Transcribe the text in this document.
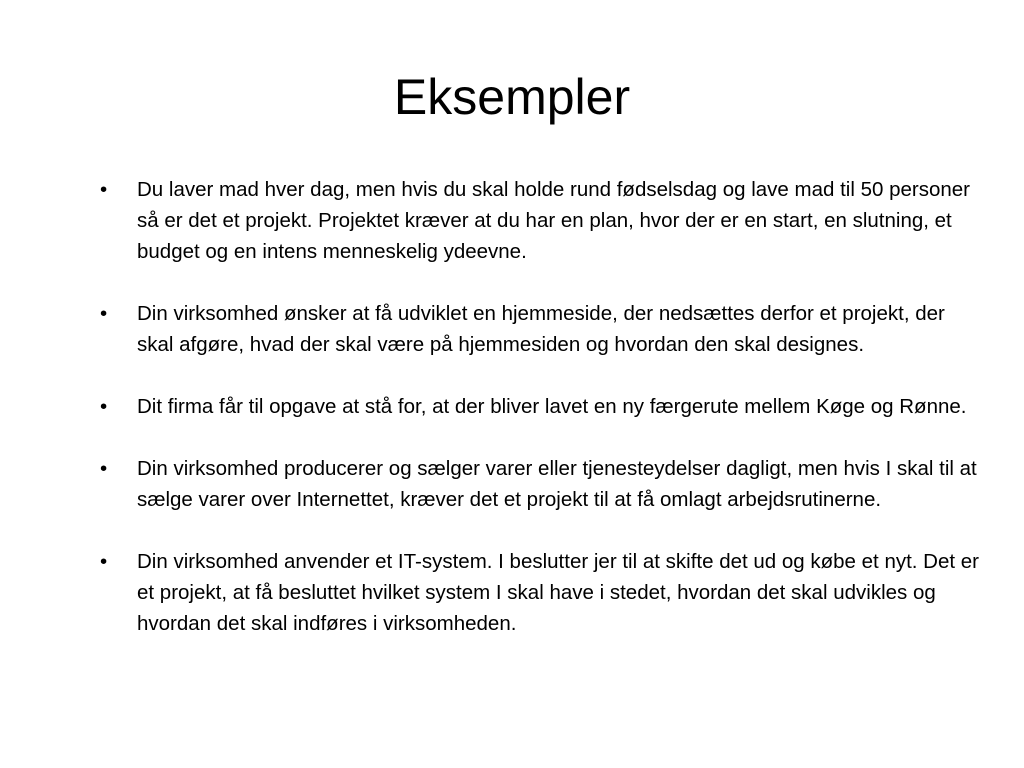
Eksempler
•	Du laver mad hver dag, men hvis du skal holde rund fødselsdag og lave mad til 50 personer så er det et projekt. Projektet kræver at du har en plan, hvor der er en start, en slutning, et budget og en intens menneskelig ydeevne.
•	Din virksomhed ønsker at få udviklet en hjemmeside, der nedsættes derfor et projekt, der skal afgøre, hvad der skal være på hjemmesiden og hvordan den skal designes.
•	Dit firma får til opgave at stå for, at der bliver lavet en ny færgerute mellem Køge og Rønne.
•	Din virksomhed producerer og sælger varer eller tjenesteydelser dagligt, men hvis I skal til at sælge varer over Internettet, kræver det et projekt til at få omlagt arbejdsrutinerne.
•	Din virksomhed anvender et IT-system. I beslutter jer til at skifte det ud og købe et nyt. Det er et projekt, at få besluttet hvilket system I skal have i stedet, hvordan det skal udvikles og hvordan det skal indføres i virksomheden.
